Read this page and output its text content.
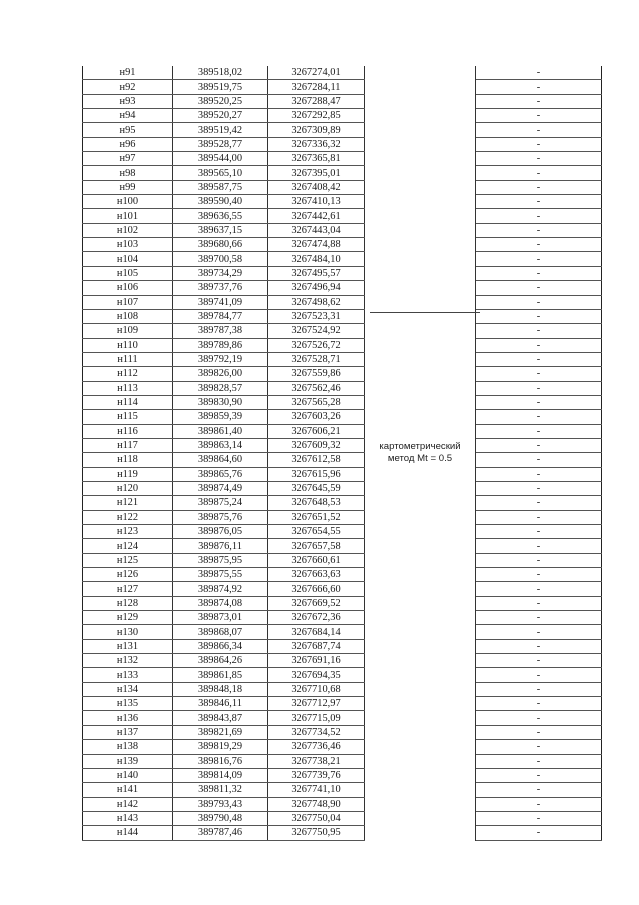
н91	389518,02	3267274,01	картометрический метод Mt = 0.5	-
н92	389519,75	3267284,11		-
н93	389520,25	3267288,47		-
н94	389520,27	3267292,85		-
н95	389519,42	3267309,89		-
н96	389528,77	3267336,32		-
н97	389544,00	3267365,81		-
н98	389565,10	3267395,01		-
н99	389587,75	3267408,42		-
н100	389590,40	3267410,13		-
н101	389636,55	3267442,61		-
н102	389637,15	3267443,04		-
н103	389680,66	3267474,88		-
н104	389700,58	3267484,10		-
н105	389734,29	3267495,57		-
н106	389737,76	3267496,94		-
н107	389741,09	3267498,62		-
н108	389784,77	3267523,31		-
н109	389787,38	3267524,92		-
н110	389789,86	3267526,72		-
н111	389792,19	3267528,71		-
н112	389826,00	3267559,86		-
н113	389828,57	3267562,46		-
н114	389830,90	3267565,28		-
н115	389859,39	3267603,26		-
н116	389861,40	3267606,21		-
н117	389863,14	3267609,32		-
н118	389864,60	3267612,58		-
н119	389865,76	3267615,96		-
н120	389874,49	3267645,59		-
н121	389875,24	3267648,53		-
н122	389875,76	3267651,52		-
н123	389876,05	3267654,55		-
н124	389876,11	3267657,58		-
н125	389875,95	3267660,61		-
н126	389875,55	3267663,63		-
н127	389874,92	3267666,60		-
н128	389874,08	3267669,52		-
н129	389873,01	3267672,36		-
н130	389868,07	3267684,14		-
н131	389866,34	3267687,74		-
н132	389864,26	3267691,16		-
н133	389861,85	3267694,35		-
н134	389848,18	3267710,68		-
н135	389846,11	3267712,97		-
н136	389843,87	3267715,09		-
н137	389821,69	3267734,52		-
н138	389819,29	3267736,46		-
н139	389816,76	3267738,21		-
н140	389814,09	3267739,76		-
н141	389811,32	3267741,10		-
н142	389793,43	3267748,90		-
н143	389790,48	3267750,04		-
н144	389787,46	3267750,95		-
